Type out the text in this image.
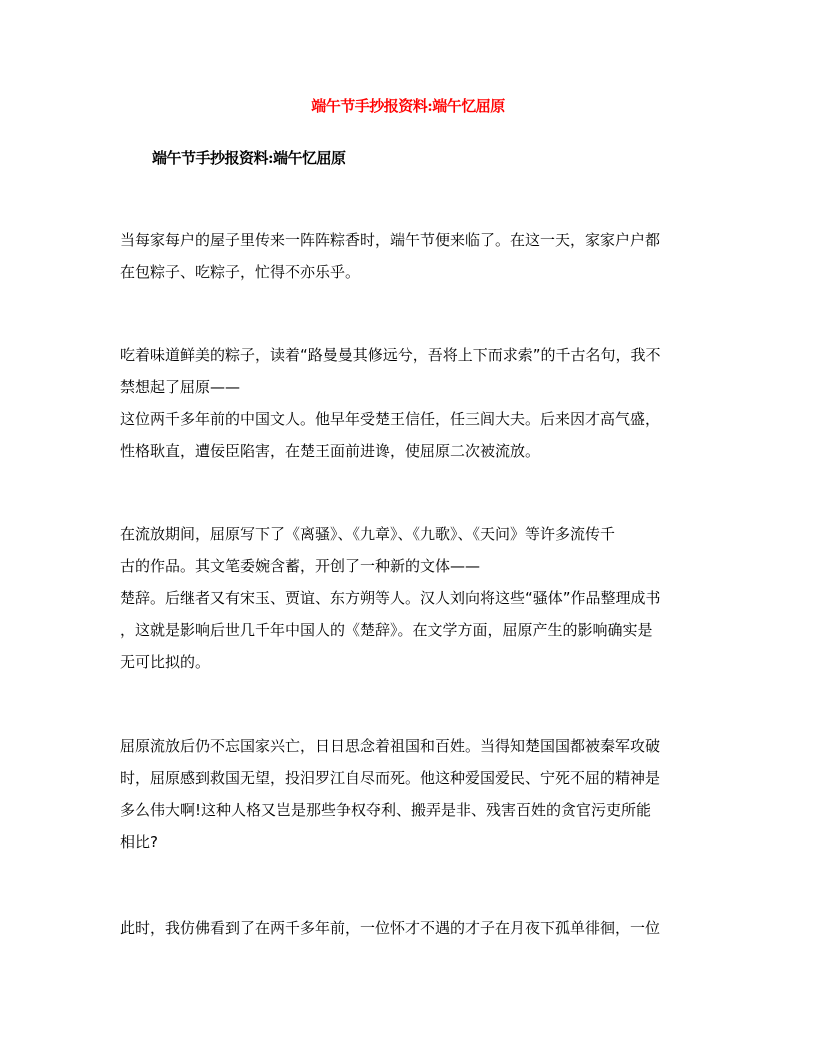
端午节手抄报资料:端午忆屈原
端午节手抄报资料:端午忆屈原
当每家每户的屋子里传来一阵阵粽香时，端午节便来临了。在这一天，家家户户都
在包粽子、吃粽子，忙得不亦乐乎。
吃着味道鲜美的粽子，读着“路曼曼其修远兮，吾将上下而求索”的千古名句，我不
禁想起了屈原——
这位两千多年前的中国文人。他早年受楚王信任，任三闾大夫。后来因才高气盛，
性格耿直，遭佞臣陷害，在楚王面前进谗，使屈原二次被流放。
在流放期间，屈原写下了《离骚》、《九章》、《九歌》、《天问》等许多流传千
古的作品。其文笔委婉含蓄，开创了一种新的文体——
楚辞。后继者又有宋玉、贾谊、东方朔等人。汉人刘向将这些“骚体”作品整理成书
，这就是影响后世几千年中国人的《楚辞》。在文学方面，屈原产生的影响确实是
无可比拟的。
屈原流放后仍不忘国家兴亡，日日思念着祖国和百姓。当得知楚国国都被秦军攻破
时，屈原感到救国无望，投汨罗江自尽而死。他这种爱国爱民、宁死不屈的精神是
多么伟大啊!这种人格又岂是那些争权夺利、搬弄是非、残害百姓的贪官污吏所能
相比?
此时，我仿佛看到了在两千多年前，一位怀才不遇的才子在月夜下孤单徘徊，一位
